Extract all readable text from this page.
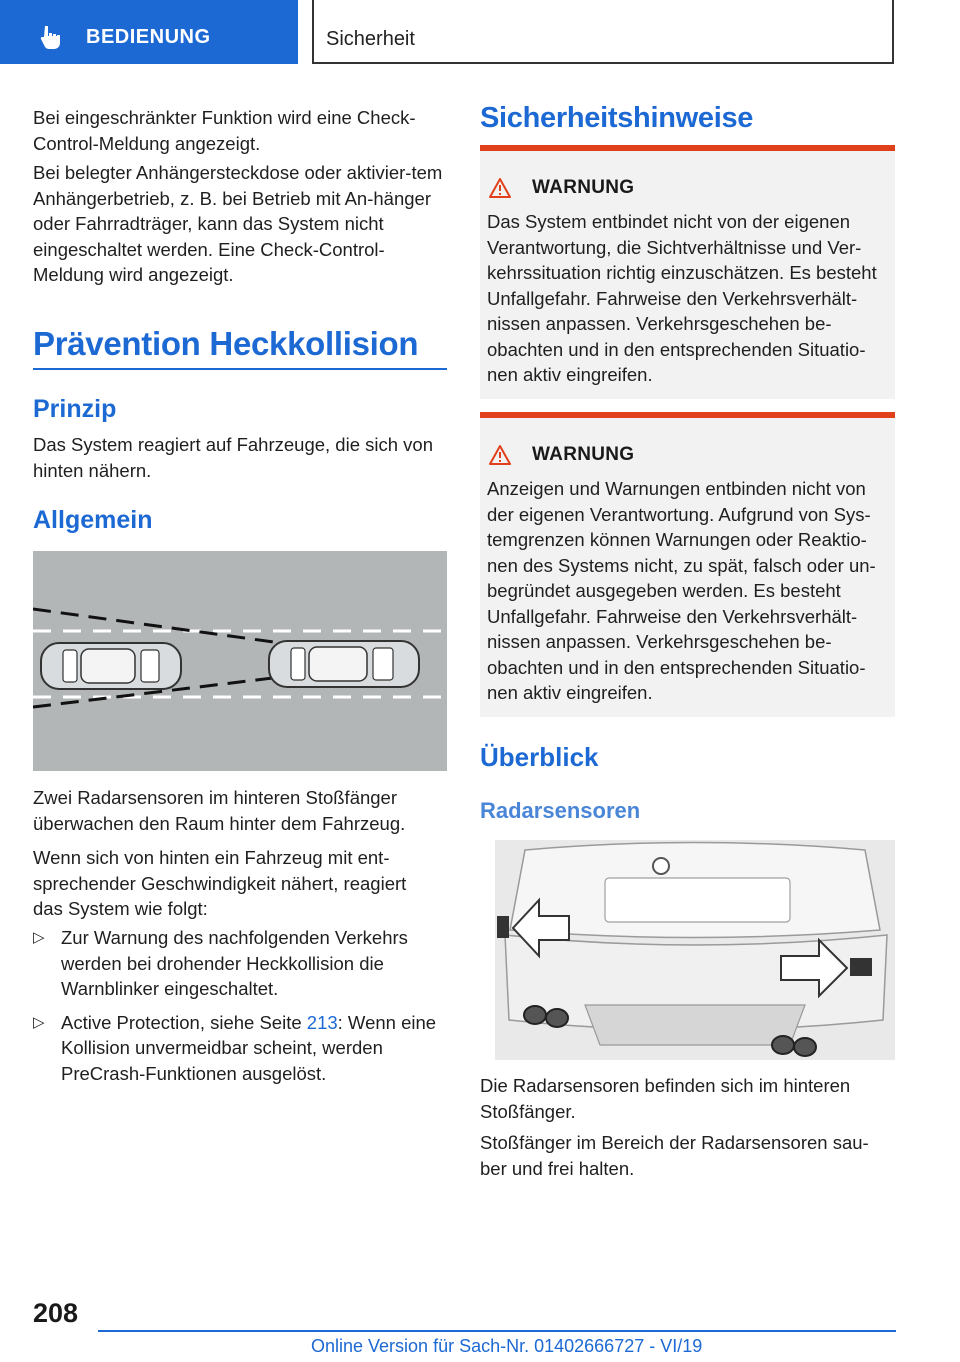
BEDIENUNG	Sicherheit

Bei eingeschränkter Funktion wird eine Check-Control-Meldung angezeigt.

Bei belegter Anhängersteckdose oder aktivier-tem Anhängerbetrieb, z. B. bei Betrieb mit An-hänger oder Fahrradträger, kann das System nicht eingeschaltet werden. Eine Check-Control-Meldung wird angezeigt.

Prävention Heckkollision
Prinzip

Das System reagiert auf Fahrzeuge, die sich von hinten nähern.

Allgemein

Zwei Radarsensoren im hinteren Stoßfänger überwachen den Raum hinter dem Fahrzeug.

Wenn sich von hinten ein Fahrzeug mit ent-sprechender Geschwindigkeit nähert, reagiert das System wie folgt:

▷ Zur Warnung des nachfolgenden Verkehrs werden bei drohender Heckkollision die Warnblinker eingeschaltet.
▷ Active Protection, siehe Seite 213: Wenn eine Kollision unvermeidbar scheint, werden PreCrash-Funktionen ausgelöst.
Sicherheitshinweise
WARNUNG
Das System entbindet nicht von der eigenen Verantwortung, die Sichtverhältnisse und Ver-kehrssituation richtig einzuschätzen. Es besteht Unfallgefahr. Fahrweise den Verkehrsverhält-nissen anpassen. Verkehrsgeschehen be-obachten und in den entsprechenden Situatio-nen aktiv eingreifen.
WARNUNG
Anzeigen und Warnungen entbinden nicht von der eigenen Verantwortung. Aufgrund von Sys-temgrenzen können Warnungen oder Reaktio-nen des Systems nicht, zu spät, falsch oder un-begründet ausgegeben werden. Es besteht Unfallgefahr. Fahrweise den Verkehrsverhält-nissen anpassen. Verkehrsgeschehen be-obachten und in den entsprechenden Situatio-nen aktiv eingreifen.
Überblick
Radarsensoren

Die Radarsensoren befinden sich im hinteren Stoßfänger.

Stoßfänger im Bereich der Radarsensoren sau-ber und frei halten.

208
Online Version für Sach-Nr. 01402666727 - VI/19
